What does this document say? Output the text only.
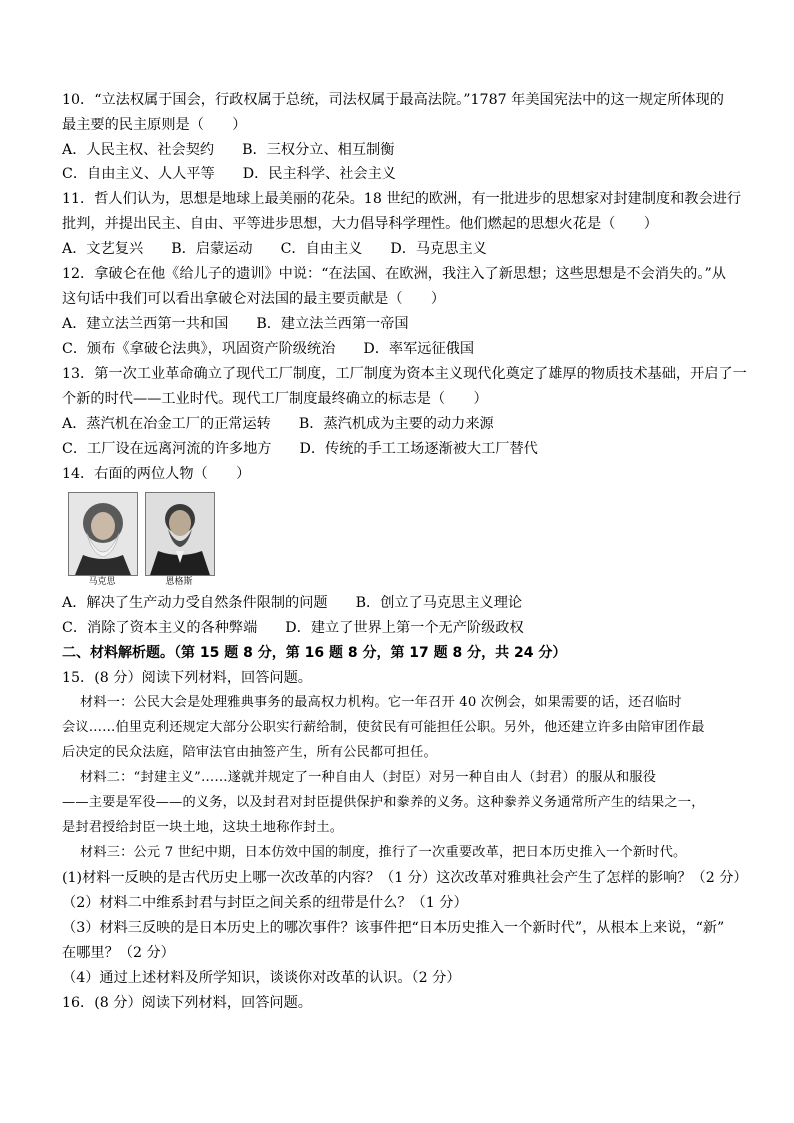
10．“立法权属于国会，行政权属于总统，司法权属于最高法院。”1787 年美国宪法中的这一规定所体现的
最主要的民主原则是（　　）
A．人民主权、社会契约 B．三权分立、相互制衡
C．自由主义、人人平等 D．民主科学、社会主义
11．哲人们认为，思想是地球上最美丽的花朵。18 世纪的欧洲，有一批进步的思想家对封建制度和教会进行
批判，并提出民主、自由、平等进步思想，大力倡导科学理性。他们燃起的思想火花是（　　）
A．文艺复兴 B．启蒙运动 C．自由主义 D．马克思主义
12．拿破仑在他《给儿子的遗训》中说：“在法国、在欧洲，我注入了新思想；这些思想是不会消失的。”从
这句话中我们可以看出拿破仑对法国的最主要贡献是（　　）
A．建立法兰西第一共和国 B．建立法兰西第一帝国
C．颁布《拿破仑法典》，巩固资产阶级统治 D．率军远征俄国
13．第一次工业革命确立了现代工厂制度，工厂制度为资本主义现代化奠定了雄厚的物质技术基础，开启了一
个新的时代——工业时代。现代工厂制度最终确立的标志是（　　）
A．蒸汽机在冶金工厂的正常运转 B．蒸汽机成为主要的动力来源
C．工厂设在远离河流的许多地方 D．传统的手工工场逐渐被大工厂替代
14．右面的两位人物（　　）
马克思	恩格斯
A．解决了生产动力受自然条件限制的问题 B．创立了马克思主义理论
C．消除了资本主义的各种弊端 D．建立了世界上第一个无产阶级政权
二、材料解析题。（第 15 题 8 分，第 16 题 8 分，第 17 题 8 分，共 24 分）
15．(8 分）阅读下列材料，回答问题。
材料一：公民大会是处理雅典事务的最高权力机构。它一年召开 40 次例会，如果需要的话，还召临时
会议……伯里克利还规定大部分公职实行薪给制，使贫民有可能担任公职。另外，他还建立许多由陪审团作最
后决定的民众法庭，陪审法官由抽签产生，所有公民都可担任。
材料二：“封建主义”……遂就并规定了一种自由人（封臣）对另一种自由人（封君）的服从和服役
——主要是军役——的义务，以及封君对封臣提供保护和豢养的义务。这种豢养义务通常所产生的结果之一，
是封君授给封臣一块土地，这块土地称作封土。
材料三：公元 7 世纪中期，日本仿效中国的制度，推行了一次重要改革，把日本历史推入一个新时代。
(1)材料一反映的是古代历史上哪一次改革的内容？（1 分）这次改革对雅典社会产生了怎样的影响？（2 分）
（2）材料二中维系封君与封臣之间关系的纽带是什么？（1 分）
（3）材料三反映的是日本历史上的哪次事件？该事件把“日本历史推入一个新时代”，从根本上来说，“新”
在哪里？（2 分）
（4）通过上述材料及所学知识，谈谈你对改革的认识。（2 分）
16．(8 分）阅读下列材料，回答问题。
